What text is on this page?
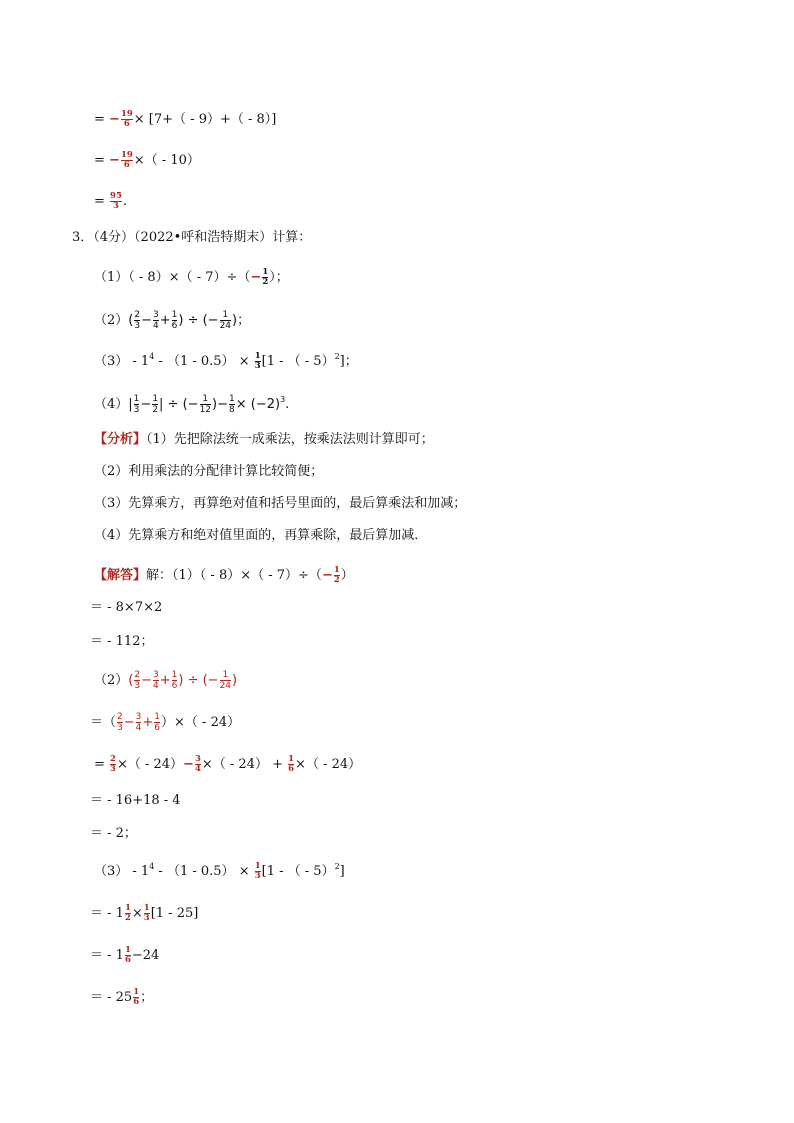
= − $\frac{19}{6} \times [7+( - 9)+( - 8)]$
= − $\frac{19}{6}$ ×（ - 10）
= $\frac{95}{3}$ .
3．（4分）（2022•呼和浩特期末）计算：
$(1)( - 8)\times( - 7)\div(- \frac{1}{2}$ ）；
$(2)( \frac{2}{3} - \frac{3}{4} + \frac{1}{6}$ ) ÷ (− $\frac{1}{24}$ )；
$(3) - 1^4 - (1 - 0.5) \times \frac{1}{3} [1$ - （ - 5）$^2$]；
$(4)| \frac{1}{3} - \frac{1}{2}$ | ÷ (− $\frac{1}{12}$ )− $\frac{1}{8} \times (-2)^3$.
【分析】（1）先把除法统一成乘法，按乘法法则计算即可；
（2）利用乘法的分配律计算比较简便；
（3）先算乘方，再算绝对值和括号里面的，最后算乘法和加减；
（4）先算乘方和绝对值里面的，再算乘除，最后算加减．
【解答】解：$(1)( - 8)\times( - 7)\div(- \frac{1}{2}$ ）
＝ - 8×7×2
＝ - 112；
$(2)( \frac{2}{3} - \frac{3}{4} + \frac{1}{6}$ ) ÷ (− $\frac{1}{24}$ )
＝（ $\frac{2}{3} - \frac{3}{4} + \frac{1}{6}$ ）×（ - 24）
= $\frac{2}{3}$ ×（ - $24)- \frac{3}{4}$ ×（ - $24) + \frac{1}{6}$ ×（ - 24）
＝ - 16+18 - 4
＝ - 2；
$(3) - 1^4 - (1 - 0.5) \times \frac{1}{3} [1$ - （ - 5）$^2$]
＝ - $1 \frac{1}{2} \times \frac{1}{3} [1 - 25]$
＝ - $1 \frac{1}{6} -24$
＝ - $25 \frac{1}{6}$ ；
